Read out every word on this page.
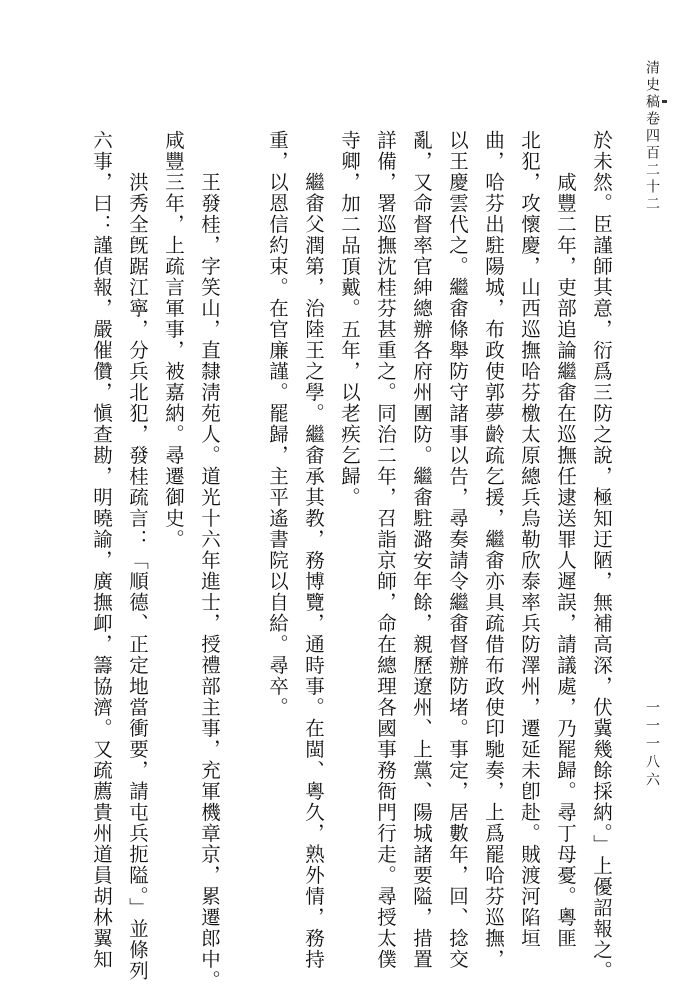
清史稿卷四百二十二
一一一八六
於未然。臣謹師其意，衍爲三防之說，極知迂陋，無補高深，伏冀幾餘採納。」上優詔報之。
咸豐二年，吏部追論繼畬在巡撫任逮送罪人遲誤，請議處，乃罷歸。尋丁母憂。粵匪
北犯，攻懷慶，山西巡撫哈芬檄太原總兵烏勒欣泰率兵防澤州，遷延未卽赴。賊渡河陷垣
曲，哈芬出駐陽城，布政使郭夢齡疏乞援，繼畬亦具疏借布政使印馳奏，上爲罷哈芬巡撫，
以王慶雲代之。繼畬條舉防守諸事以告，尋奏請令繼畬督辦防堵。事定，居數年，回、捻交
亂，又命督率官紳總辦各府州團防。繼畬駐潞安年餘，親歷遼州、上黨、陽城諸要隘，措置
詳備，署巡撫沈桂芬甚重之。同治二年，召詣京師，命在總理各國事務衙門行走。尋授太僕
寺卿，加二品頂戴。五年，以老疾乞歸。
繼畬父潤第，治陸王之學。繼畬承其教，務博覽，通時事。在閩、粵久，熟外情，務持
重，以恩信約束。在官廉謹。罷歸，主平遙書院以自給。尋卒。
王發桂，字笑山，直隸淸苑人。道光十六年進士，授禮部主事，充軍機章京，累遷郎中。
咸豐三年，上疏言軍事，被嘉納。尋遷御史。
洪秀全旣踞江寧，分兵北犯，發桂疏言：「順德、正定地當衝要，請屯兵扼隘。」並條列
六事，曰：謹偵報，嚴催儹，愼查勘，明曉諭，廣撫卹，籌協濟。又疏薦貴州道員胡林翼知
